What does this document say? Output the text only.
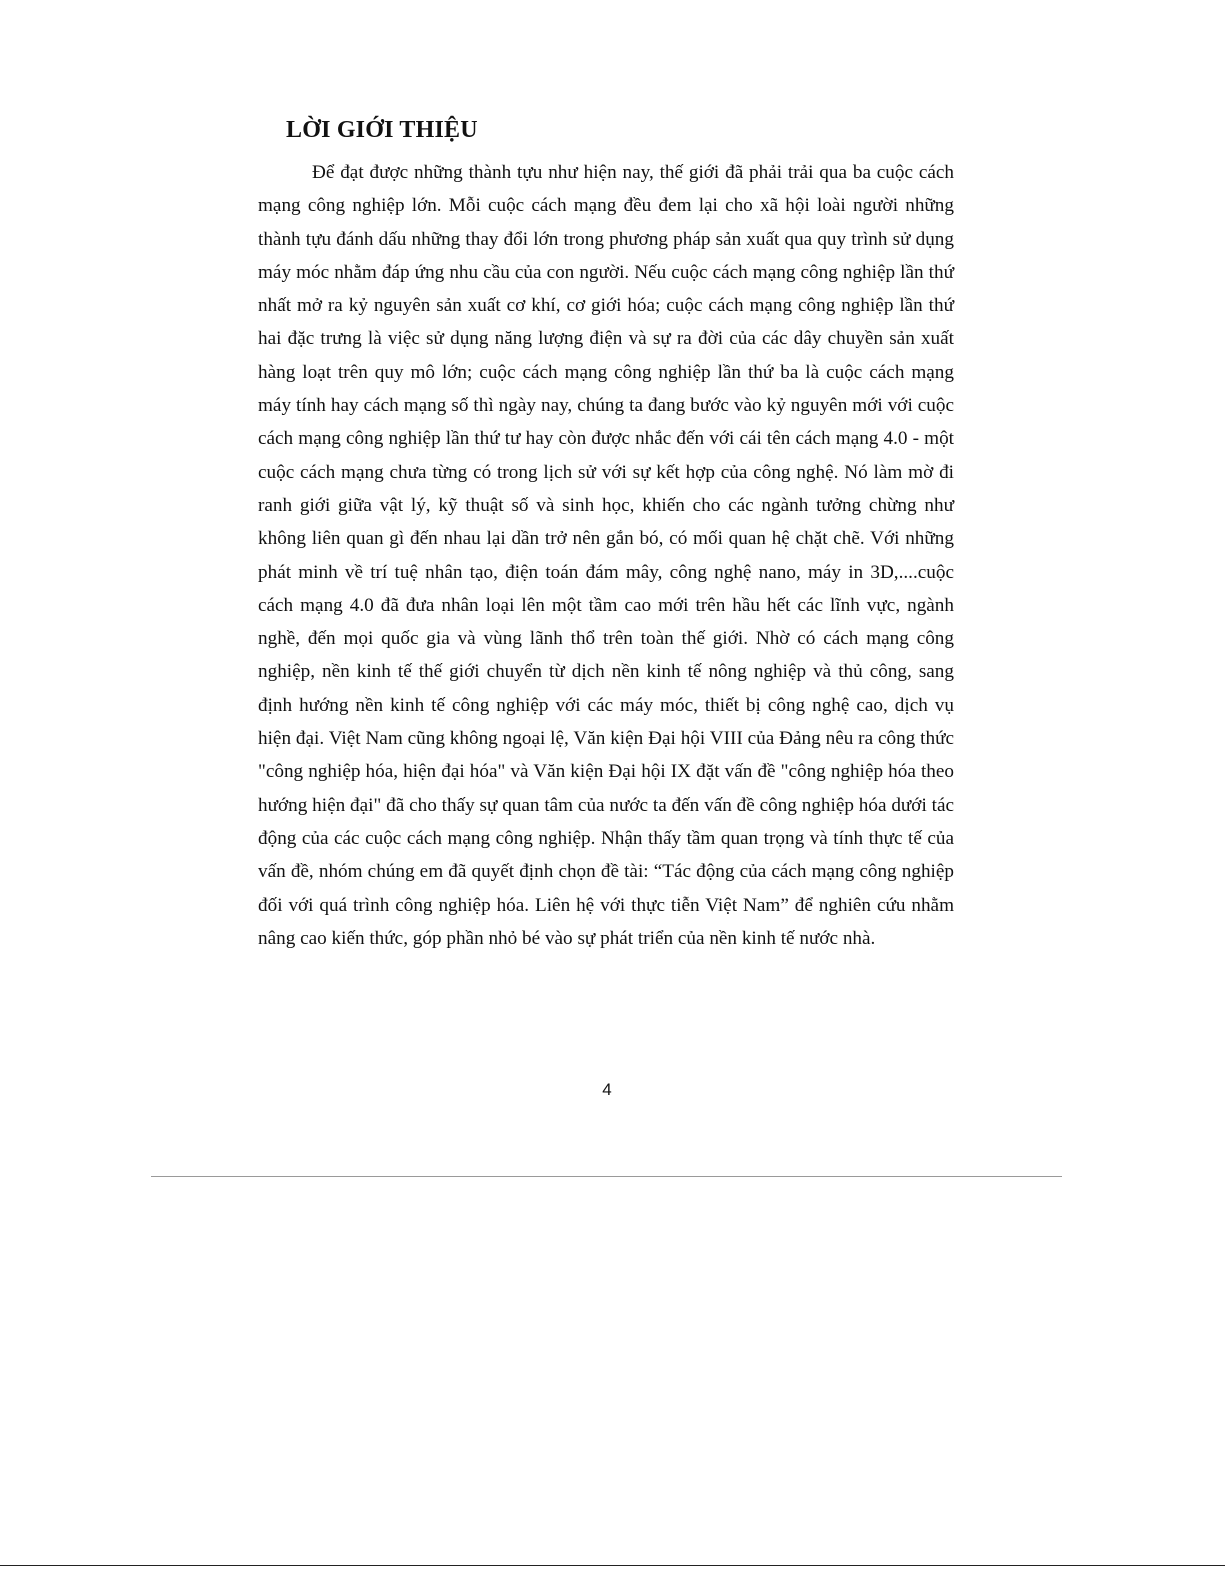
LỜI GIỚI THIỆU

Để đạt được những thành tựu như hiện nay, thế giới đã phải trải qua ba cuộc cách mạng công nghiệp lớn. Mỗi cuộc cách mạng đều đem lại cho xã hội loài người những thành tựu đánh dấu những thay đổi lớn trong phương pháp sản xuất qua quy trình sử dụng máy móc nhằm đáp ứng nhu cầu của con người. Nếu cuộc cách mạng công nghiệp lần thứ nhất mở ra kỷ nguyên sản xuất cơ khí, cơ giới hóa; cuộc cách mạng công nghiệp lần thứ hai đặc trưng là việc sử dụng năng lượng điện và sự ra đời của các dây chuyền sản xuất hàng loạt trên quy mô lớn; cuộc cách mạng công nghiệp lần thứ ba là cuộc cách mạng máy tính hay cách mạng số thì ngày nay, chúng ta đang bước vào kỷ nguyên mới với cuộc cách mạng công nghiệp lần thứ tư hay còn được nhắc đến với cái tên cách mạng 4.0 - một cuộc cách mạng chưa từng có trong lịch sử với sự kết hợp của công nghệ. Nó làm mờ đi ranh giới giữa vật lý, kỹ thuật số và sinh học, khiến cho các ngành tưởng chừng như không liên quan gì đến nhau lại dần trở nên gắn bó, có mối quan hệ chặt chẽ. Với những phát minh về trí tuệ nhân tạo, điện toán đám mây, công nghệ nano, máy in 3D,....cuộc cách mạng 4.0 đã đưa nhân loại lên một tầm cao mới trên hầu hết các lĩnh vực, ngành nghề, đến mọi quốc gia và vùng lãnh thổ trên toàn thế giới. Nhờ có cách mạng công nghiệp, nền kinh tế thế giới chuyển từ dịch nền kinh tế nông nghiệp và thủ công, sang định hướng nền kinh tế công nghiệp với các máy móc, thiết bị công nghệ cao, dịch vụ hiện đại. Việt Nam cũng không ngoại lệ, Văn kiện Đại hội VIII của Đảng nêu ra công thức "công nghiệp hóa, hiện đại hóa" và Văn kiện Đại hội IX đặt vấn đề "công nghiệp hóa theo hướng hiện đại" đã cho thấy sự quan tâm của nước ta đến vấn đề công nghiệp hóa dưới tác động của các cuộc cách mạng công nghiệp. Nhận thấy tầm quan trọng và tính thực tế của vấn đề, nhóm chúng em đã quyết định chọn đề tài: “Tác động của cách mạng công nghiệp đối với quá trình công nghiệp hóa. Liên hệ với thực tiễn Việt Nam” để nghiên cứu nhằm nâng cao kiến thức, góp phần nhỏ bé vào sự phát triển của nền kinh tế nước nhà.

4
